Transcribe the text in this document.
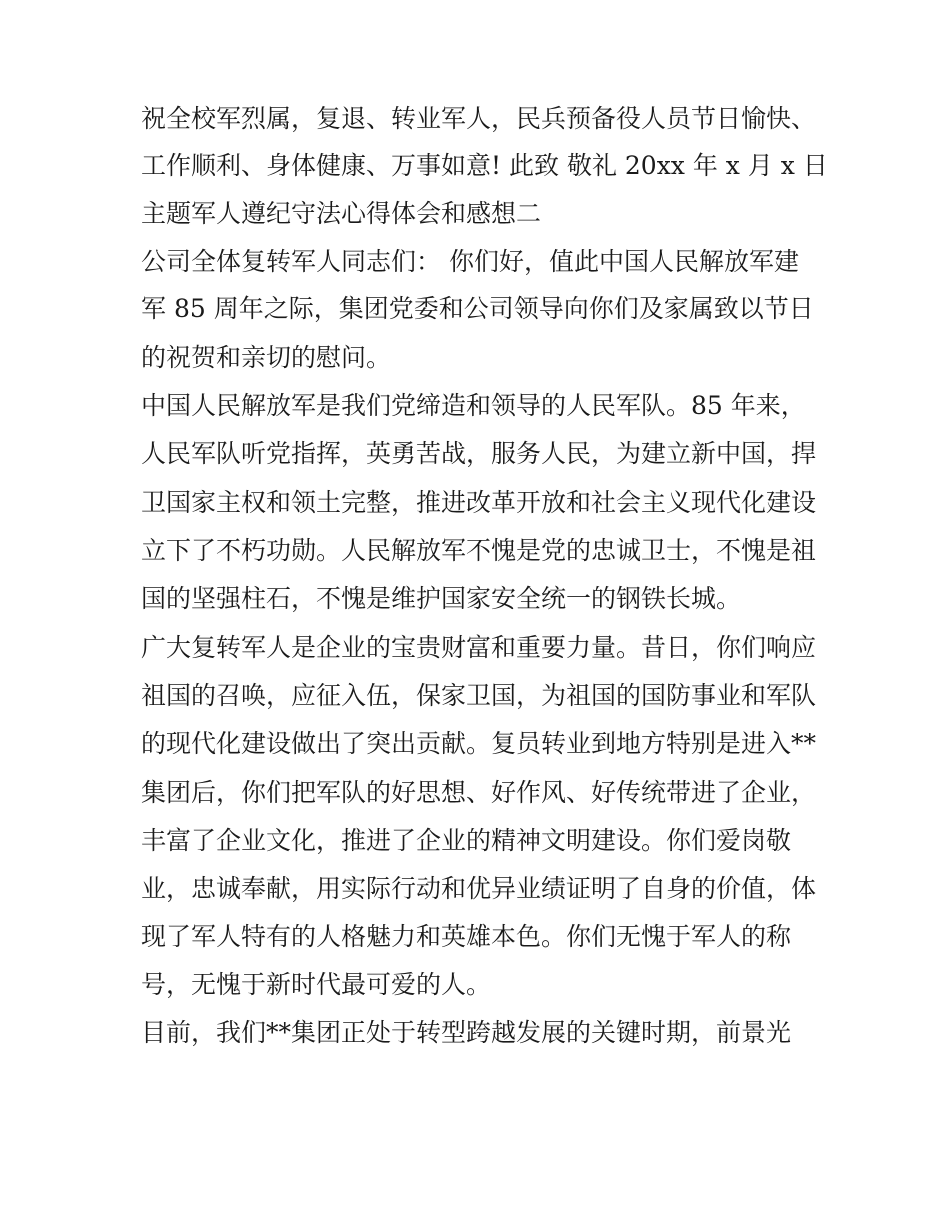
祝全校军烈属，复退、转业军人，民兵预备役人员节日愉快、

工作顺利、身体健康、万事如意! 此致 敬礼 20xx 年 x 月 x 日

主题军人遵纪守法心得体会和感想二

公司全体复转军人同志们： 你们好，值此中国人民解放军建

军 85 周年之际，集团党委和公司领导向你们及家属致以节日

的祝贺和亲切的慰问。

中国人民解放军是我们党缔造和领导的人民军队。85 年来，

人民军队听党指挥，英勇苦战，服务人民，为建立新中国，捍

卫国家主权和领土完整，推进改革开放和社会主义现代化建设

立下了不朽功勋。人民解放军不愧是党的忠诚卫士，不愧是祖

国的坚强柱石，不愧是维护国家安全统一的钢铁长城。

广大复转军人是企业的宝贵财富和重要力量。昔日，你们响应

祖国的召唤，应征入伍，保家卫国，为祖国的国防事业和军队

的现代化建设做出了突出贡献。复员转业到地方特别是进入**

集团后，你们把军队的好思想、好作风、好传统带进了企业，

丰富了企业文化，推进了企业的精神文明建设。你们爱岗敬

业，忠诚奉献，用实际行动和优异业绩证明了自身的价值，体

现了军人特有的人格魅力和英雄本色。你们无愧于军人的称

号，无愧于新时代最可爱的人。

目前，我们**集团正处于转型跨越发展的关键时期，前景光
